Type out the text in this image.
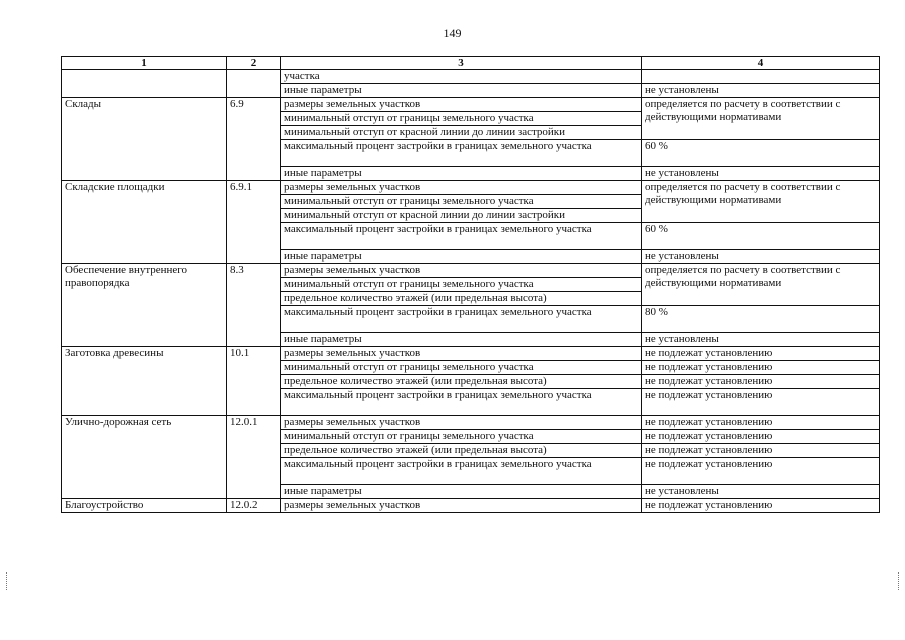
149
1	2	3	4
		участка	
		иные параметры	не установлены
Склады	6.9	размеры земельных участков	определяется по расчету в соответствии с действующими нормативами
		минимальный отступ от границы земельного участка	
		минимальный отступ от красной линии до линии застройки	
		максимальный процент застройки в границах земельного участка	60 %
		иные параметры	не установлены
Складские площадки	6.9.1	размеры земельных участков	определяется по расчету в соответствии с действующими нормативами
		минимальный отступ от границы земельного участка	
		минимальный отступ от красной линии до линии застройки	
		максимальный процент застройки в границах земельного участка	60 %
		иные параметры	не установлены
Обеспечение внутреннего правопорядка	8.3	размеры земельных участков	определяется по расчету в соответствии с действующими нормативами
		минимальный отступ от границы земельного участка	
		предельное количество этажей (или предельная высота)	
		максимальный процент застройки в границах земельного участка	80 %
		иные параметры	не установлены
Заготовка древесины	10.1	размеры земельных участков	не подлежат установлению
		минимальный отступ от границы земельного участка	не подлежат установлению
		предельное количество этажей (или предельная высота)	не подлежат установлению
		максимальный процент застройки в границах земельного участка	не подлежат установлению
Улично-дорожная сеть	12.0.1	размеры земельных участков	не подлежат установлению
		минимальный отступ от границы земельного участка	не подлежат установлению
		предельное количество этажей (или предельная высота)	не подлежат установлению
		максимальный процент застройки в границах земельного участка	не подлежат установлению
		иные параметры	не установлены
Благоустройство	12.0.2	размеры земельных участков	не подлежат установлению
